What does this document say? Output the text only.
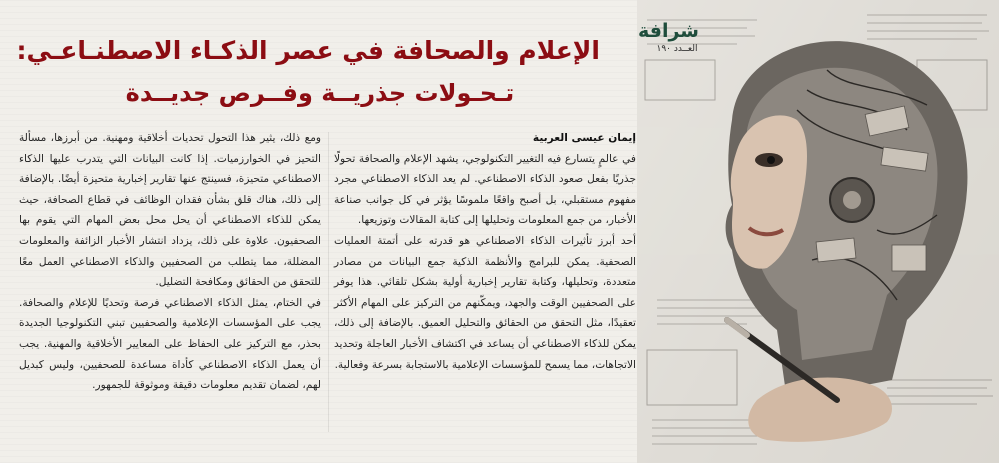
شرافة
العــدد ١٩٠
الإعلام والصحافة في عصر الذكـاء الاصطنـاعـي:
تـحـولات جذريــة وفــرص جديــدة
إيمان عيسى العربية

في عالمٍ يتسارع فيه التغيير التكنولوجي، يشهد الإعلام والصحافة تحولًا جذريًا بفعل صعود الذكاء الاصطناعي. لم يعد الذكاء الاصطناعي مجرد مفهوم مستقبلي، بل أصبح واقعًا ملموسًا يؤثر في كل جوانب صناعة الأخبار، من جمع المعلومات وتحليلها إلى كتابة المقالات وتوزيعها.

أحد أبرز تأثيرات الذكاء الاصطناعي هو قدرته على أتمتة العمليات الصحفية. يمكن للبرامج والأنظمة الذكية جمع البيانات من مصادر متعددة، وتحليلها، وكتابة تقارير إخبارية أولية بشكل تلقائي. هذا يوفر على الصحفيين الوقت والجهد، ويمكّنهم من التركيز على المهام الأكثر تعقيدًا، مثل التحقق من الحقائق والتحليل العميق. بالإضافة إلى ذلك، يمكن للذكاء الاصطناعي أن يساعد في اكتشاف الأخبار العاجلة وتحديد الاتجاهات، مما يسمح للمؤسسات الإعلامية بالاستجابة بسرعة وفعالية.

ومع ذلك، يثير هذا التحول تحديات أخلاقية ومهنية. من أبرزها، مسألة التحيز في الخوارزميات. إذا كانت البيانات التي يتدرب عليها الذكاء الاصطناعي متحيزة، فسينتج عنها تقارير إخبارية متحيزة أيضًا. بالإضافة إلى ذلك، هناك قلق بشأن فقدان الوظائف في قطاع الصحافة، حيث يمكن للذكاء الاصطناعي أن يحل محل بعض المهام التي يقوم بها الصحفيون. علاوة على ذلك، يزداد انتشار الأخبار الزائفة والمعلومات المضللة، مما يتطلب من الصحفيين والذكاء الاصطناعي العمل معًا للتحقق من الحقائق ومكافحة التضليل.

في الختام، يمثل الذكاء الاصطناعي فرصة وتحديًا للإعلام والصحافة. يجب على المؤسسات الإعلامية والصحفيين تبني التكنولوجيا الجديدة بحذر، مع التركيز على الحفاظ على المعايير الأخلاقية والمهنية. يجب أن يعمل الذكاء الاصطناعي كأداة مساعدة للصحفيين، وليس كبديل لهم، لضمان تقديم معلومات دقيقة وموثوقة للجمهور.
